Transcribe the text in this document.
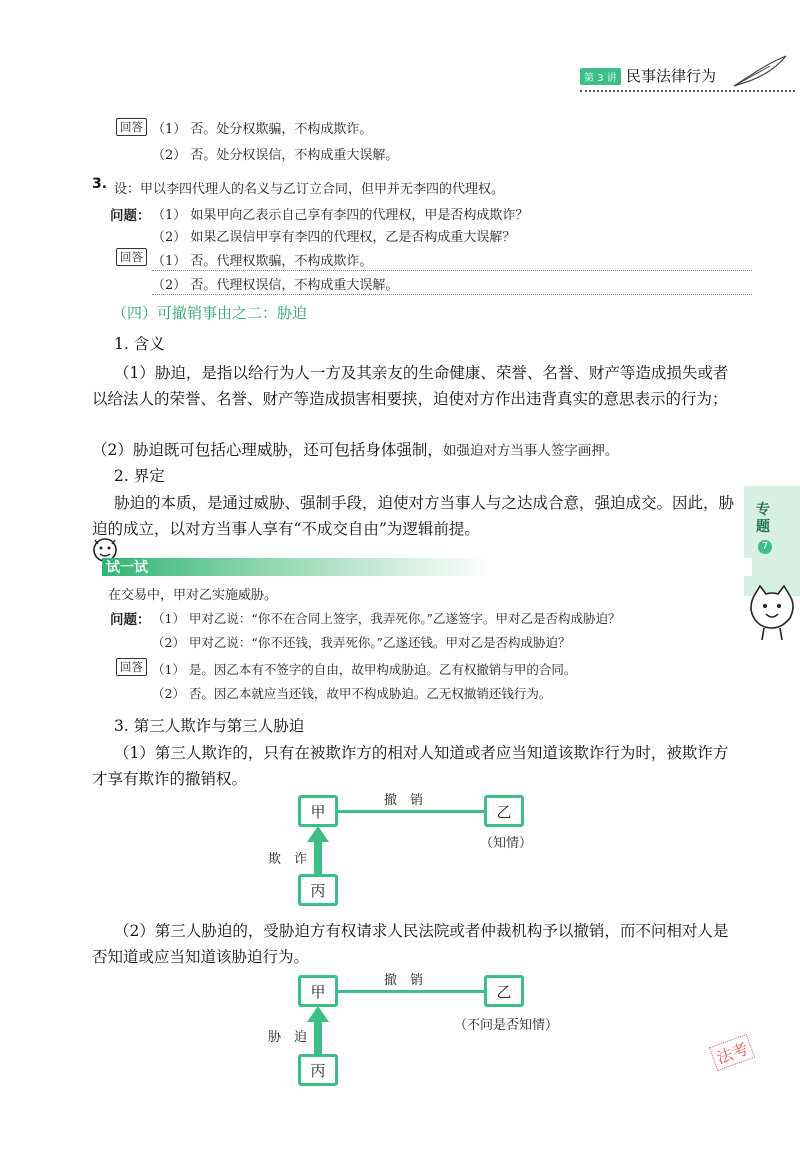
第 3 讲 民事法律行为
回答 （1） 否。处分权欺骗，不构成欺诈。
（2） 否。处分权误信，不构成重大误解。
3. 设：甲以李四代理人的名义与乙订立合同，但甲并无李四的代理权。
问题： （1） 如果甲向乙表示自己享有李四的代理权，甲是否构成欺诈？
（2） 如果乙误信甲享有李四的代理权，乙是否构成重大误解？
回答 （1） 否。代理权欺骗，不构成欺诈。
（2） 否。代理权误信，不构成重大误解。
（四）可撤销事由之二：胁迫
1. 含义
（1）胁迫，是指以给行为人一方及其亲友的生命健康、荣誉、名誉、财产等造成损失或者以给法人的荣誉、名誉、财产等造成损害相要挟，迫使对方作出违背真实的意思表示的行为；
（2）胁迫既可包括心理威胁，还可包括身体强制，如强迫对方当事人签字画押。
2. 界定
胁迫的本质，是通过威胁、强制手段，迫使对方当事人与之达成合意，强迫成交。因此，胁迫的成立，以对方当事人享有“不成交自由”为逻辑前提。
专题
7
试一试
在交易中，甲对乙实施威胁。
问题： （1） 甲对乙说：“你不在合同上签字，我弄死你。”乙遂签字。甲对乙是否构成胁迫？
（2） 甲对乙说：“你不还钱，我弄死你。”乙遂还钱。甲对乙是否构成胁迫？
回答 （1） 是。因乙本有不签字的自由，故甲构成胁迫。乙有权撤销与甲的合同。
（2） 否。因乙本就应当还钱，故甲不构成胁迫。乙无权撤销还钱行为。
3. 第三人欺诈与第三人胁迫
（1）第三人欺诈的，只有在被欺诈方的相对人知道或者应当知道该欺诈行为时，被欺诈方才享有欺诈的撤销权。
撤　销
甲	乙
（知情）
欺　诈
丙
（2）第三人胁迫的，受胁迫方有权请求人民法院或者仲裁机构予以撤销，而不问相对人是否知道或应当知道该胁迫行为。
撤　销
甲	乙
（不问是否知情）
胁　迫
丙
法考
